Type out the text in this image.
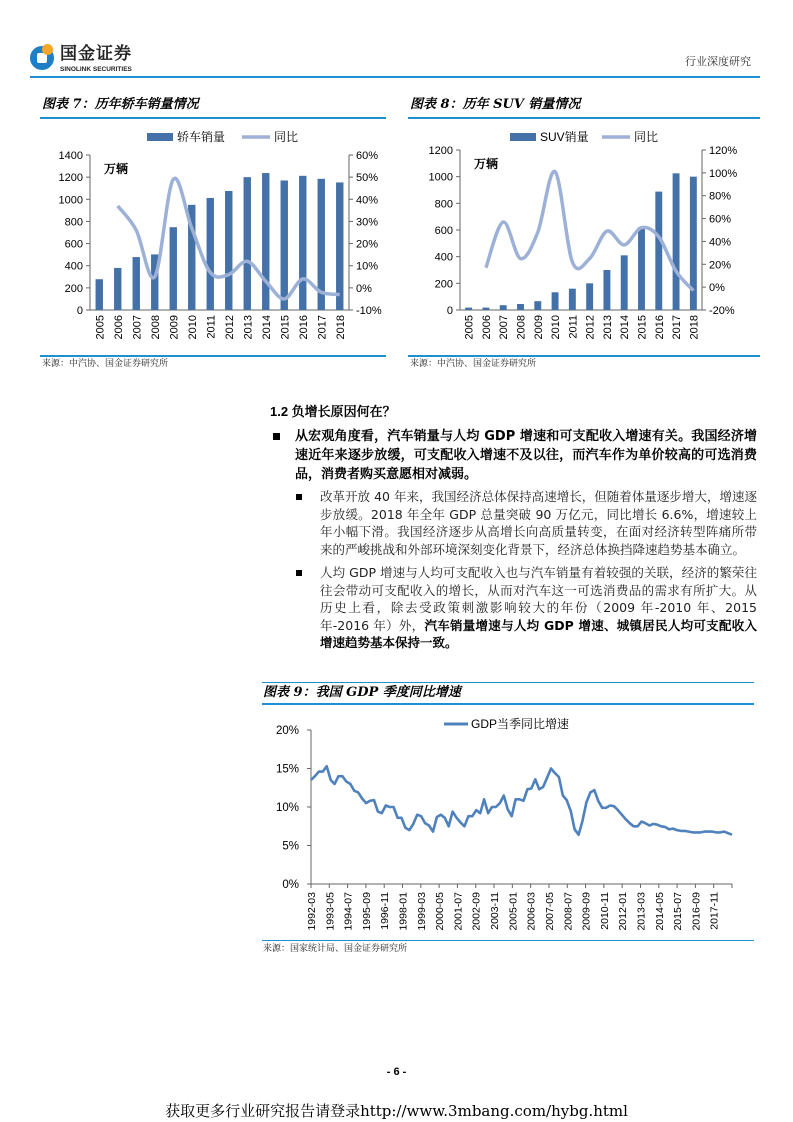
国金证券
SINOLINK SECURITIES
行业深度研究
图表 7：历年轿车销量情况
0
200
400
600
800
1000
1200
1400
-10%
0%
10%
20%
30%
40%
50%
60%
2005 2006 2007 2008 2009 2010 2011 2012 2013 2014 2015 2016 2017 2018
万辆
轿车销量	同比
来源：中汽协、国金证券研究所
图表 8：历年 SUV 销量情况
0
200
400
600
800
1000
1200
-20%
0%
20%
40%
60%
80%
100%
120%
2005 2006 2007 2008 2009 2010 2011 2012 2013 2014 2015 2016 2017 2018
万辆
SUV销量	同比
来源：中汽协、国金证券研究所
1.2 负增长原因何在？
从宏观角度看，汽车销量与人均 GDP 增速和可支配收入增速有关。我国经济增速近年来逐步放缓，可支配收入增速不及以往，而汽车作为单价较高的可选消费品，消费者购买意愿相对减弱。
改革开放 40 年来，我国经济总体保持高速增长，但随着体量逐步增大，增速逐步放缓。2018 年全年 GDP 总量突破 90 万亿元，同比增长 6.6%，增速较上年小幅下滑。我国经济逐步从高增长向高质量转变，在面对经济转型阵痛所带来的严峻挑战和外部环境深刻变化背景下，经济总体换挡降速趋势基本确立。
人均 GDP 增速与人均可支配收入也与汽车销量有着较强的关联，经济的繁荣往往会带动可支配收入的增长，从而对汽车这一可选消费品的需求有所扩大。从历史上看，除去受政策刺激影响较大的年份（2009 年-2010 年、2015 年-2016 年）外，汽车销量增速与人均 GDP 增速、城镇居民人均可支配收入增速趋势基本保持一致。
图表 9：我国 GDP 季度同比增速
0%
5%
10%
15%
20%
1992-03 1993-05 1994-07 1995-09 1996-11 1998-01 1999-03 2000-05 2001-07 2002-09 2003-11 2005-01 2006-03 2007-05 2008-07 2009-09 2010-11 2012-01 2013-03 2014-05 2015-07 2016-09 2017-11
GDP当季同比增速
来源：国家统计局、国金证券研究所
- 6 -
获取更多行业研究报告请登录http://www.3mbang.com/hybg.html
